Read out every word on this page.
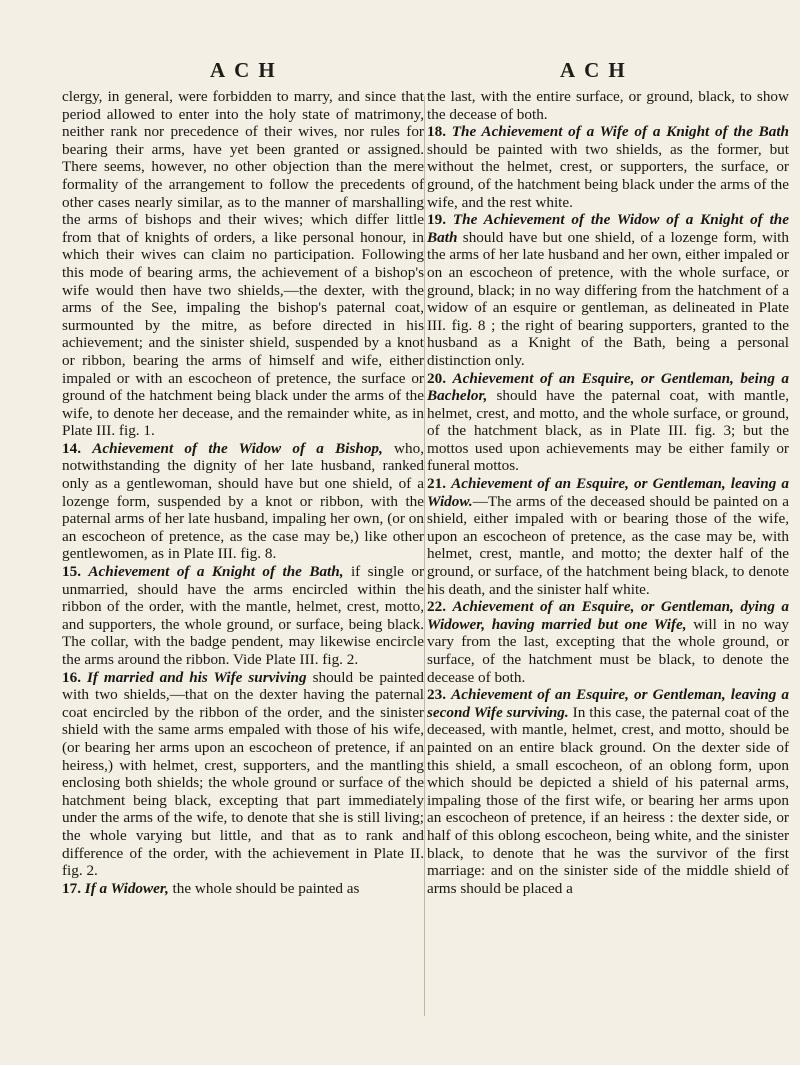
ACH	ACH

clergy, in general, were forbidden to marry, and since that period allowed to enter into the holy state of matrimony, neither rank nor precedence of their wives, nor rules for bearing their arms, have yet been granted or assigned. There seems, however, no other objection than the mere formality of the arrangement to follow the precedents of other cases nearly similar, as to the manner of marshalling the arms of bishops and their wives; which differ little from that of knights of orders, a like personal honour, in which their wives can claim no participation. Following this mode of bearing arms, the achievement of a bishop's wife would then have two shields,—the dexter, with the arms of the See, impaling the bishop's paternal coat, surmounted by the mitre, as before directed in his achievement; and the sinister shield, suspended by a knot or ribbon, bearing the arms of himself and wife, either impaled or with an escocheon of pretence, the surface or ground of the hatchment being black under the arms of the wife, to denote her decease, and the remainder white, as in Plate III. fig. 1.

14. Achievement of the Widow of a Bishop, who, notwithstanding the dignity of her late husband, ranked only as a gentlewoman, should have but one shield, of a lozenge form, suspended by a knot or ribbon, with the paternal arms of her late husband, impaling her own, (or on an escocheon of pretence, as the case may be,) like other gentlewomen, as in Plate III. fig. 8.

15. Achievement of a Knight of the Bath, if single or unmarried, should have the arms encircled within the ribbon of the order, with the mantle, helmet, crest, motto, and supporters, the whole ground, or surface, being black. The collar, with the badge pendent, may likewise encircle the arms around the ribbon. Vide Plate III. fig. 2.

16. If married and his Wife surviving should be painted with two shields,—that on the dexter having the paternal coat encircled by the ribbon of the order, and the sinister shield with the same arms empaled with those of his wife, (or bearing her arms upon an escocheon of pretence, if an heiress,) with helmet, crest, supporters, and the mantling enclosing both shields; the whole ground or surface of the hatchment being black, excepting that part immediately under the arms of the wife, to denote that she is still living; the whole varying but little, and that as to rank and difference of the order, with the achievement in Plate II. fig. 2.

17. If a Widower, the whole should be painted as

the last, with the entire surface, or ground, black, to show the decease of both.

18. The Achievement of a Wife of a Knight of the Bath should be painted with two shields, as the former, but without the helmet, crest, or supporters, the surface, or ground, of the hatchment being black under the arms of the wife, and the rest white.

19. The Achievement of the Widow of a Knight of the Bath should have but one shield, of a lozenge form, with the arms of her late husband and her own, either impaled or on an escocheon of pretence, with the whole surface, or ground, black; in no way differing from the hatchment of a widow of an esquire or gentleman, as delineated in Plate III. fig. 8 ; the right of bearing supporters, granted to the husband as a Knight of the Bath, being a personal distinction only.

20. Achievement of an Esquire, or Gentleman, being a Bachelor, should have the paternal coat, with mantle, helmet, crest, and motto, and the whole surface, or ground, of the hatchment black, as in Plate III. fig. 3; but the mottos used upon achievements may be either family or funeral mottos.

21. Achievement of an Esquire, or Gentleman, leaving a Widow.—The arms of the deceased should be painted on a shield, either impaled with or bearing those of the wife, upon an escocheon of pretence, as the case may be, with helmet, crest, mantle, and motto; the dexter half of the ground, or surface, of the hatchment being black, to denote his death, and the sinister half white.

22. Achievement of an Esquire, or Gentleman, dying a Widower, having married but one Wife, will in no way vary from the last, excepting that the whole ground, or surface, of the hatchment must be black, to denote the decease of both.

23. Achievement of an Esquire, or Gentleman, leaving a second Wife surviving. In this case, the paternal coat of the deceased, with mantle, helmet, crest, and motto, should be painted on an entire black ground. On the dexter side of this shield, a small escocheon, of an oblong form, upon which should be depicted a shield of his paternal arms, impaling those of the first wife, or bearing her arms upon an escocheon of pretence, if an heiress : the dexter side, or half of this oblong escocheon, being white, and the sinister black, to denote that he was the survivor of the first marriage: and on the sinister side of the middle shield of arms should be placed a
